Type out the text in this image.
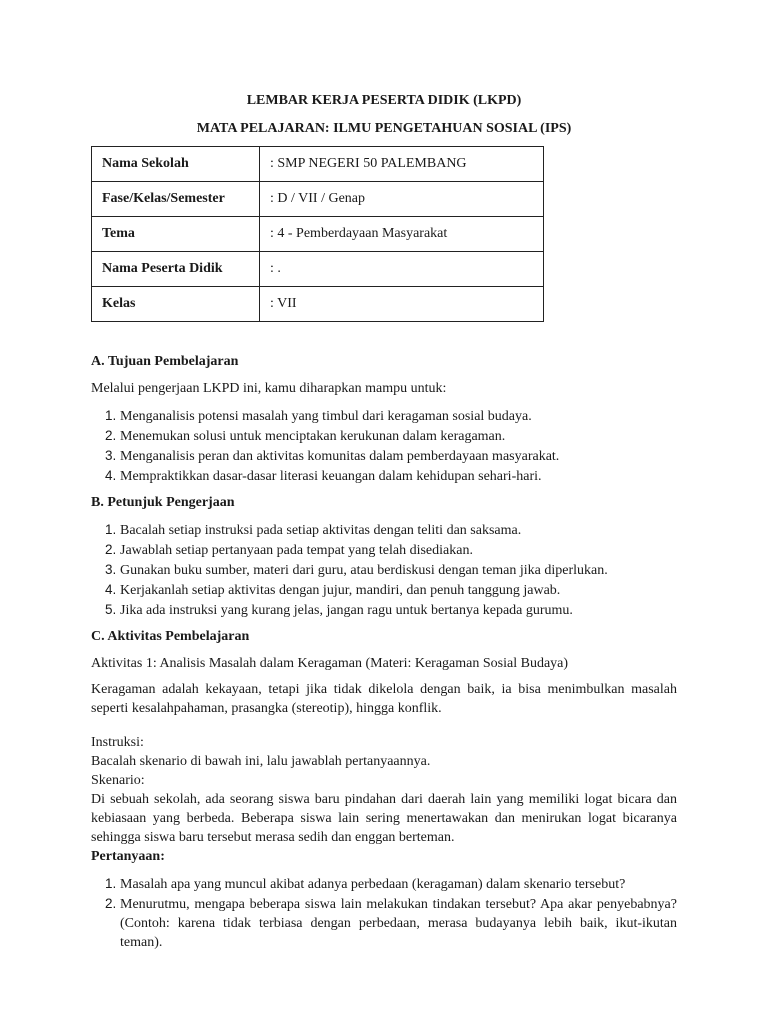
LEMBAR KERJA PESERTA DIDIK (LKPD)
MATA PELAJARAN: ILMU PENGETAHUAN SOSIAL (IPS)
Nama Sekolah	: SMP NEGERI 50 PALEMBANG
Fase/Kelas/Semester	: D / VII / Genap
Tema	: 4 - Pemberdayaan Masyarakat
Nama Peserta Didik	: .
Kelas	: VII

A. Tujuan Pembelajaran

Melalui pengerjaan LKPD ini, kamu diharapkan mampu untuk:

1. Menganalisis potensi masalah yang timbul dari keragaman sosial budaya.
2. Menemukan solusi untuk menciptakan kerukunan dalam keragaman.
3. Menganalisis peran dan aktivitas komunitas dalam pemberdayaan masyarakat.
4. Mempraktikkan dasar-dasar literasi keuangan dalam kehidupan sehari-hari.

B. Petunjuk Pengerjaan

1. Bacalah setiap instruksi pada setiap aktivitas dengan teliti dan saksama.
2. Jawablah setiap pertanyaan pada tempat yang telah disediakan.
3. Gunakan buku sumber, materi dari guru, atau berdiskusi dengan teman jika diperlukan.
4. Kerjakanlah setiap aktivitas dengan jujur, mandiri, dan penuh tanggung jawab.
5. Jika ada instruksi yang kurang jelas, jangan ragu untuk bertanya kepada gurumu.

C. Aktivitas Pembelajaran

Aktivitas 1: Analisis Masalah dalam Keragaman (Materi: Keragaman Sosial Budaya)

Keragaman adalah kekayaan, tetapi jika tidak dikelola dengan baik, ia bisa menimbulkan masalah seperti kesalahpahaman, prasangka (stereotip), hingga konflik.

Instruksi:

Bacalah skenario di bawah ini, lalu jawablah pertanyaannya.

Skenario:

Di sebuah sekolah, ada seorang siswa baru pindahan dari daerah lain yang memiliki logat bicara dan kebiasaan yang berbeda. Beberapa siswa lain sering menertawakan dan menirukan logat bicaranya sehingga siswa baru tersebut merasa sedih dan enggan berteman.

Pertanyaan:

1. Masalah apa yang muncul akibat adanya perbedaan (keragaman) dalam skenario tersebut?
2. Menurutmu, mengapa beberapa siswa lain melakukan tindakan tersebut? Apa akar penyebabnya? (Contoh: karena tidak terbiasa dengan perbedaan, merasa budayanya lebih baik, ikut-ikutan teman).
